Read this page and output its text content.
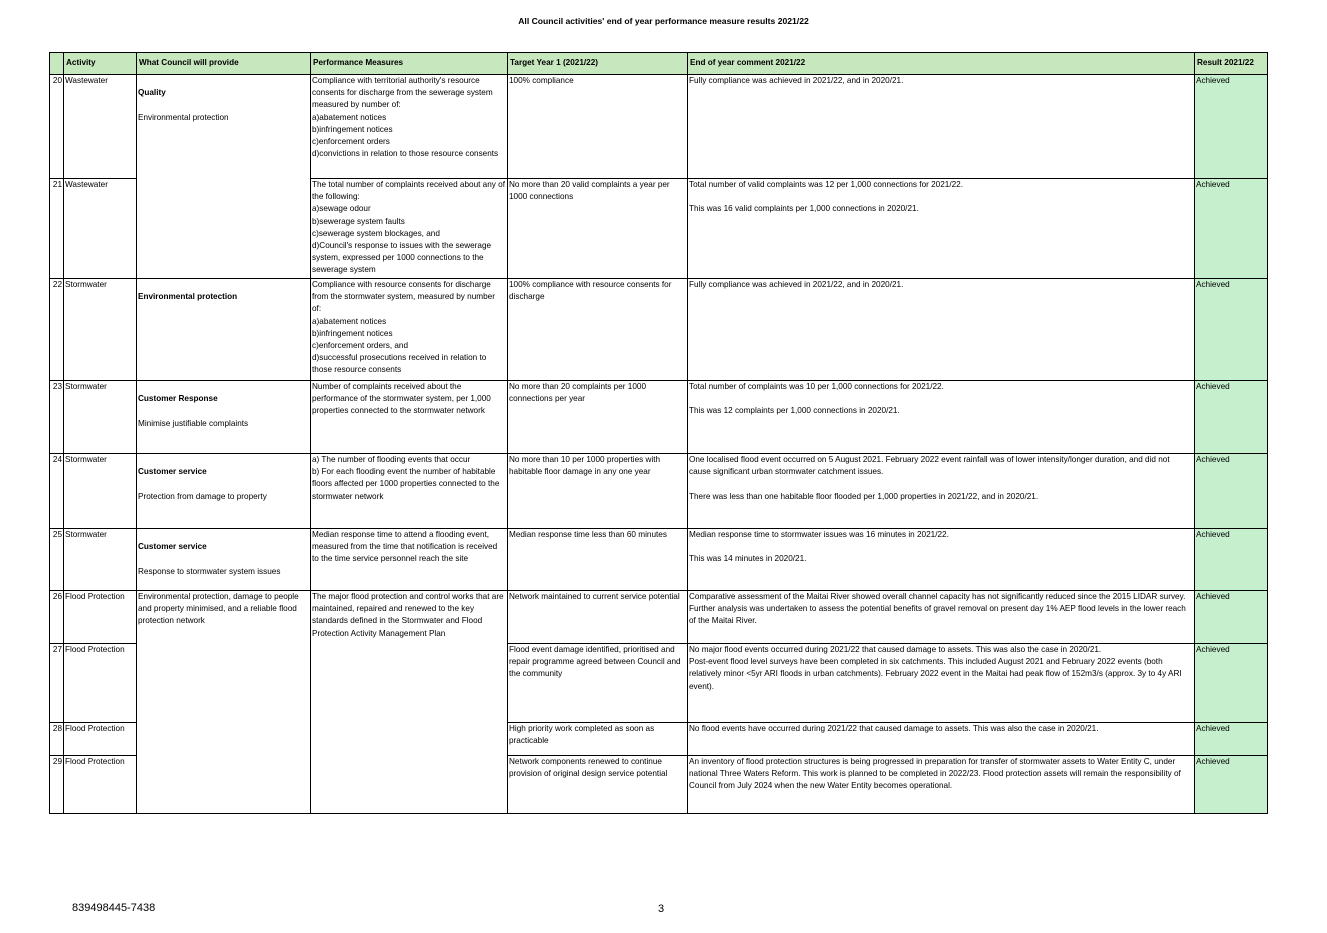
All Council activities' end of year performance measure results 2021/22
	Activity	What Council will provide	Performance Measures	Target Year 1 (2021/22)	End of year comment 2021/22	Result 2021/22
20	Wastewater	Quality

Environmental protection	Compliance with territorial authority's resource consents for discharge from the sewerage system measured by number of:
a)abatement notices
b)infringement notices
c)enforcement orders
d)convictions in relation to those resource consents	100% compliance	Fully compliance was achieved in 2021/22, and in 2020/21.	Achieved
21	Wastewater		The total number of complaints received about any of the following:
a)sewage odour
b)sewerage system faults
c)sewerage system blockages, and
d)Council's response to issues with the sewerage system, expressed per 1000 connections to the sewerage system	No more than 20 valid complaints a year per 1000 connections	Total number of valid complaints was 12 per 1,000 connections for 2021/22.

This was 16 valid complaints per 1,000 connections in 2020/21.	Achieved
22	Stormwater	Environmental protection	Compliance with resource consents for discharge from the stormwater system, measured by number of:
a)abatement notices
b)infringement notices
c)enforcement orders, and
d)successful prosecutions received in relation to those resource consents	100% compliance with resource consents for discharge	Fully compliance was achieved in 2021/22, and in 2020/21.	Achieved
23	Stormwater	Customer Response

Minimise justifiable complaints	Number of complaints received about the performance of the stormwater system, per 1,000 properties connected to the stormwater network	No more than 20 complaints per 1000 connections per year	Total number of complaints was 10 per 1,000 connections for 2021/22.

This was 12 complaints per 1,000 connections in 2020/21.	Achieved
24	Stormwater	Customer service

Protection from damage to property	a) The number of flooding events that occur
b) For each flooding event the number of habitable floors affected per 1000 properties connected to the stormwater network	No more than 10 per 1000 properties with habitable floor damage in any one year	One localised flood event occurred on 5 August 2021. February 2022 event rainfall was of lower intensity/longer duration, and did not cause significant urban stormwater catchment issues.

There was less than one habitable floor flooded per 1,000 properties in 2021/22, and in 2020/21.	Achieved
25	Stormwater	Customer service

Response to stormwater system issues	Median response time to attend a flooding event, measured from the time that notification is received to the time service personnel reach the site	Median response time less than 60 minutes	Median response time to stormwater issues was 16 minutes in 2021/22.

This was 14 minutes in 2020/21.	Achieved
26	Flood Protection	Environmental protection, damage to people and property minimised, and a reliable flood protection network	The major flood protection and control works that are maintained, repaired and renewed to the key standards defined in the Stormwater and Flood Protection Activity Management Plan	Network maintained to current service potential	Comparative assessment of the Maitai River showed overall channel capacity has not significantly reduced since the 2015 LIDAR survey. Further analysis was undertaken to assess the potential benefits of gravel removal on present day 1% AEP flood levels in the lower reach of the Maitai River.	Achieved
27	Flood Protection			Flood event damage identified, prioritised and repair programme agreed between Council and the community	No major flood events occurred during 2021/22 that caused damage to assets. This was also the case in 2020/21.
Post-event flood level surveys have been completed in six catchments. This included August 2021 and February 2022 events (both relatively minor <5yr ARI floods in urban catchments). February 2022 event in the Maitai had peak flow of 152m3/s (approx. 3y to 4y ARI event).	Achieved
28	Flood Protection			High priority work completed as soon as practicable	No flood events have occurred during 2021/22 that caused damage to assets. This was also the case in 2020/21.	Achieved
29	Flood Protection			Network components renewed to continue provision of original design service potential	An inventory of flood protection structures is being progressed in preparation for transfer of stormwater assets to Water Entity C, under national Three Waters Reform. This work is planned to be completed in 2022/23. Flood protection assets will remain the responsibility of Council from July 2024 when the new Water Entity becomes operational.	Achieved
839498445-7438	3
